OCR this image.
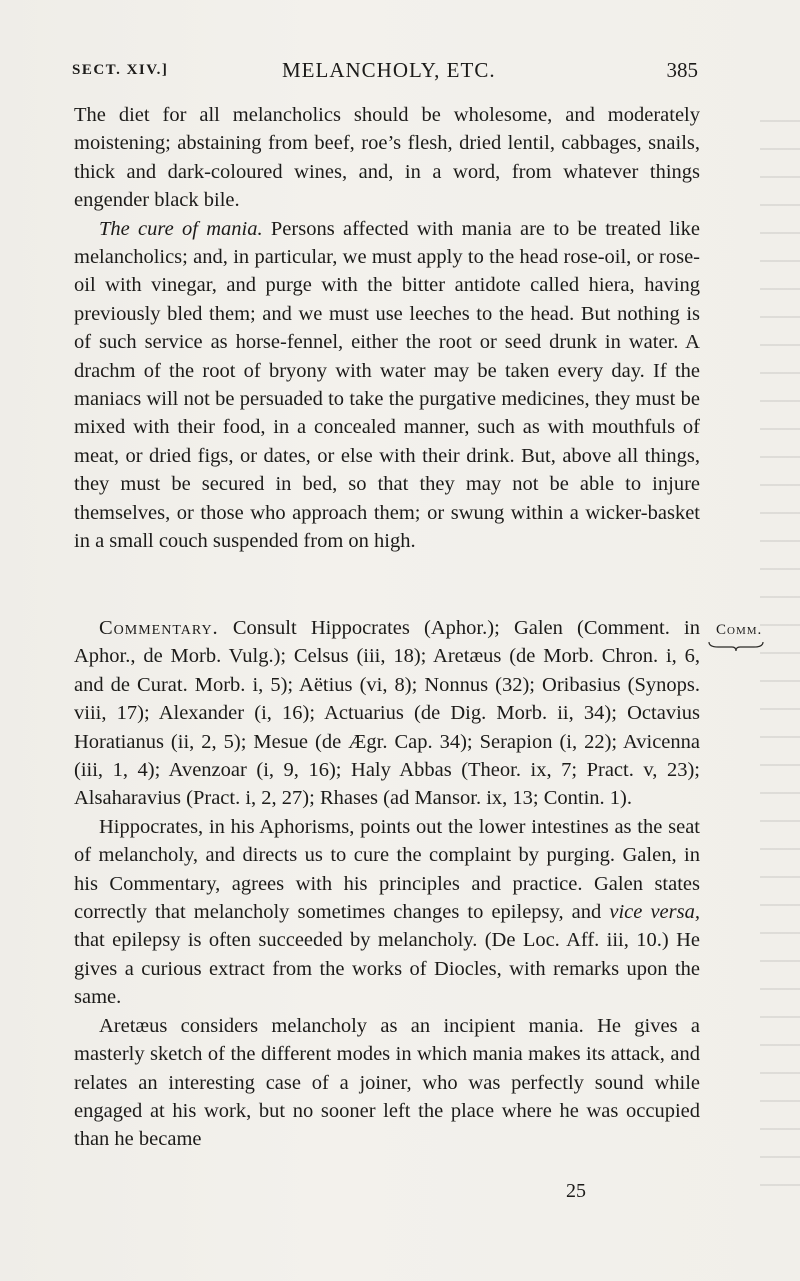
SECT. XIV.]	MELANCHOLY, ETC.	385

The diet for all melancholics should be wholesome, and moderately moistening; abstaining from beef, roe’s flesh, dried lentil, cabbages, snails, thick and dark-coloured wines, and, in a word, from whatever things engender black bile.

The cure of mania. Persons affected with mania are to be treated like melancholics; and, in particular, we must apply to the head rose-oil, or rose-oil with vinegar, and purge with the bitter antidote called hiera, having previously bled them; and we must use leeches to the head. But nothing is of such service as horse-fennel, either the root or seed drunk in water. A drachm of the root of bryony with water may be taken every day. If the maniacs will not be persuaded to take the purgative medicines, they must be mixed with their food, in a concealed manner, such as with mouthfuls of meat, or dried figs, or dates, or else with their drink. But, above all things, they must be secured in bed, so that they may not be able to injure themselves, or those who approach them; or swung within a wicker-basket in a small couch suspended from on high.

Comm.

Commentary. Consult Hippocrates (Aphor.); Galen (Comment. in Aphor., de Morb. Vulg.); Celsus (iii, 18); Aretæus (de Morb. Chron. i, 6, and de Curat. Morb. i, 5); Aëtius (vi, 8); Nonnus (32); Oribasius (Synops. viii, 17); Alexander (i, 16); Actuarius (de Dig. Morb. ii, 34); Octavius Horatianus (ii, 2, 5); Mesue (de Ægr. Cap. 34); Serapion (i, 22); Avicenna (iii, 1, 4); Avenzoar (i, 9, 16); Haly Abbas (Theor. ix, 7; Pract. v, 23); Alsaharavius (Pract. i, 2, 27); Rhases (ad Mansor. ix, 13; Contin. 1).

Hippocrates, in his Aphorisms, points out the lower intestines as the seat of melancholy, and directs us to cure the complaint by purging. Galen, in his Commentary, agrees with his principles and practice. Galen states correctly that melancholy sometimes changes to epilepsy, and vice versa, that epilepsy is often succeeded by melancholy. (De Loc. Aff. iii, 10.) He gives a curious extract from the works of Diocles, with remarks upon the same.

Aretæus considers melancholy as an incipient mania. He gives a masterly sketch of the different modes in which mania makes its attack, and relates an interesting case of a joiner, who was perfectly sound while engaged at his work, but no sooner left the place where he was occupied than he became

25
